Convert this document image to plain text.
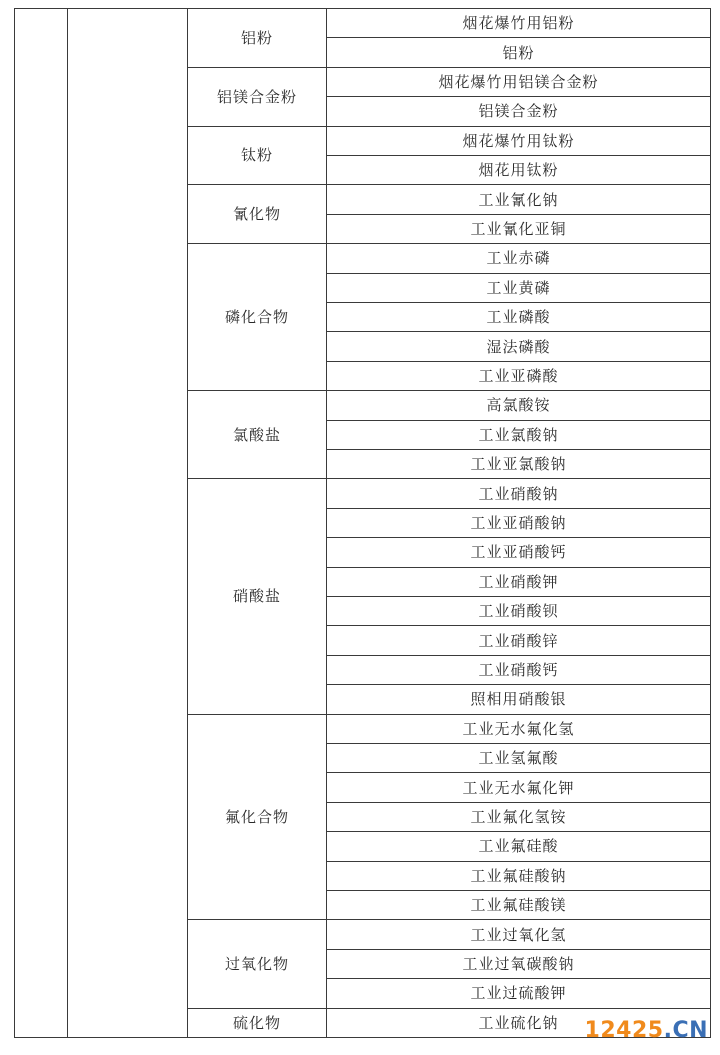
铝粉
烟花爆竹用铝粉
铝粉
铝镁合金粉
烟花爆竹用铝镁合金粉
铝镁合金粉
钛粉
烟花爆竹用钛粉
烟花用钛粉
氰化物
工业氰化钠
工业氰化亚铜
磷化合物
工业赤磷
工业黄磷
工业磷酸
湿法磷酸
工业亚磷酸
氯酸盐
高氯酸铵
工业氯酸钠
工业亚氯酸钠
硝酸盐
工业硝酸钠
工业亚硝酸钠
工业亚硝酸钙
工业硝酸钾
工业硝酸钡
工业硝酸锌
工业硝酸钙
照相用硝酸银
氟化合物
工业无水氟化氢
工业氢氟酸
工业无水氟化钾
工业氟化氢铵
工业氟硅酸
工业氟硅酸钠
工业氟硅酸镁
过氧化物
工业过氧化氢
工业过氧碳酸钠
工业过硫酸钾
硫化物	工业硫化钠	12425.CN
